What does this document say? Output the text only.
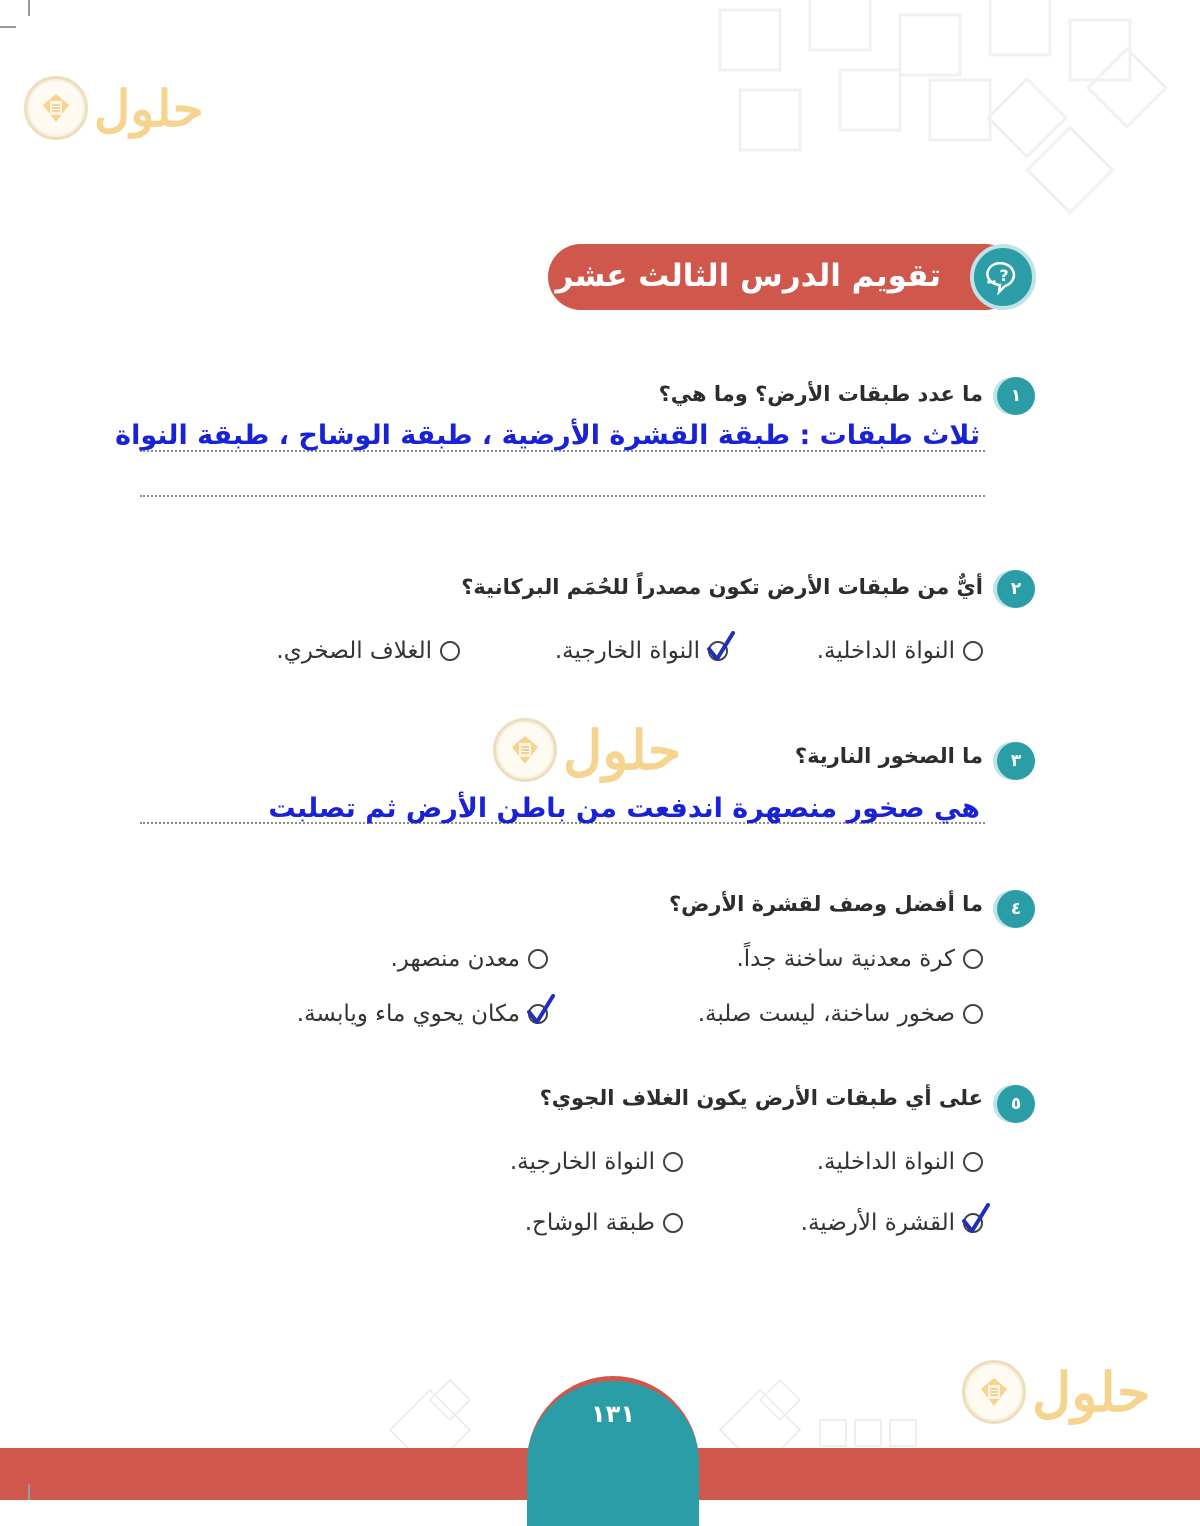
حلول
حلول
حلول
تقويم الدرس الثالث عشر	?
١
ما عدد طبقات الأرض؟ وما هي؟
ثلاث طبقات : طبقة القشرة الأرضية ، طبقة الوشاح ، طبقة النواة
٢
أيٌّ من طبقات الأرض تكون مصدراً للحُمَم البركانية؟
النواة الداخلية.
النواة الخارجية.
الغلاف الصخري.
٣
ما الصخور النارية؟
هي صخور منصهرة اندفعت من باطن الأرض ثم تصلبت
٤
ما أفضل وصف لقشرة الأرض؟
كرة معدنية ساخنة جداً.
معدن منصهر.
صخور ساخنة، ليست صلبة.
مكان يحوي ماء ويابسة.
٥
على أي طبقات الأرض يكون الغلاف الجوي؟
النواة الداخلية.
النواة الخارجية.
القشرة الأرضية.
طبقة الوشاح.
١٣١
